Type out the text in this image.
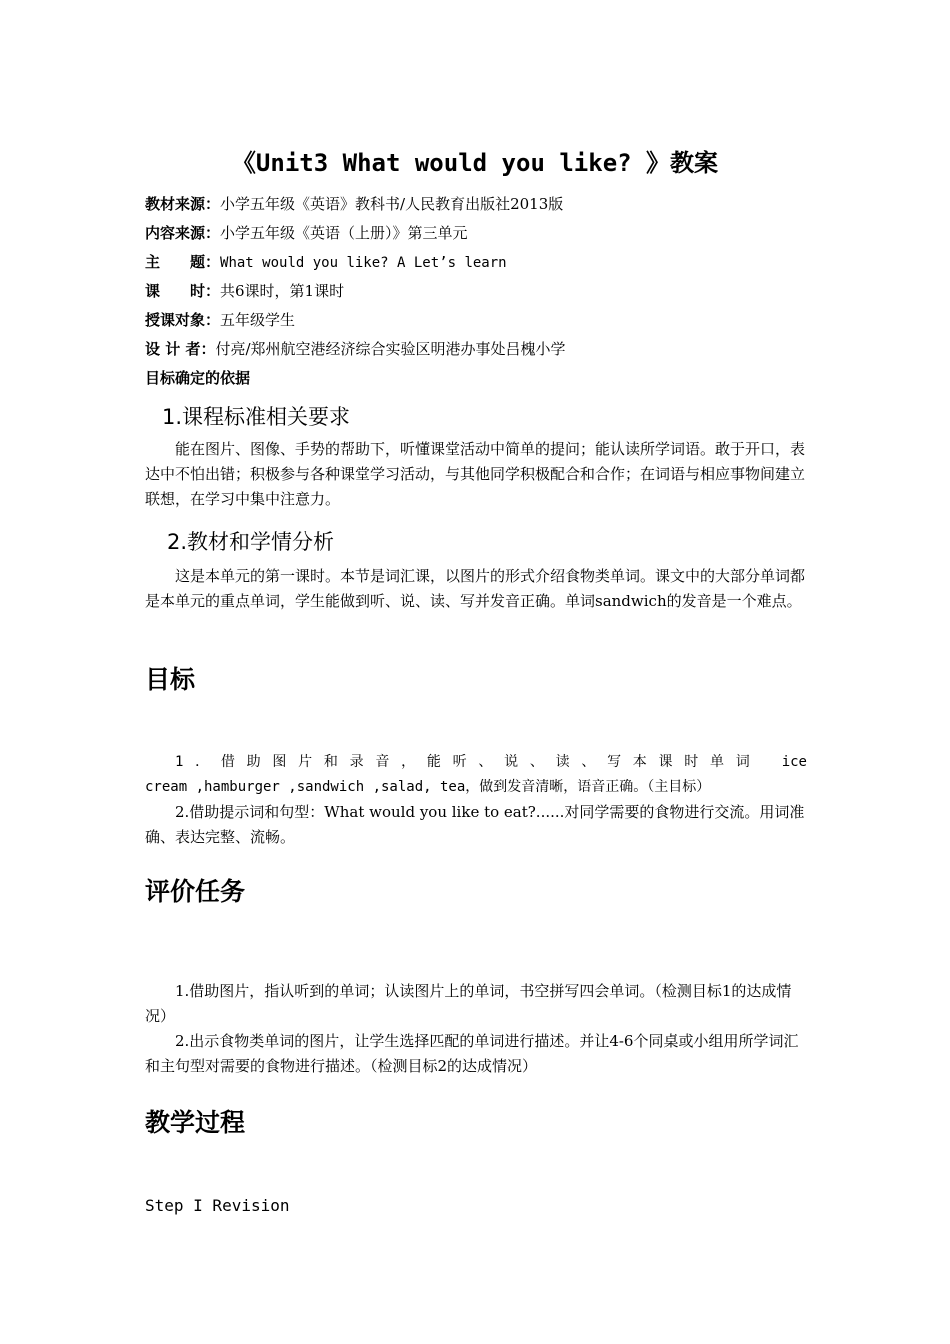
《Unit3 What would you like? 》教案
教材来源：小学五年级《英语》教科书/人民教育出版社2013版
内容来源：小学五年级《英语（上册）》第三单元
主　　题：What would you like? A Let’s learn
课　　时：共6课时，第1课时
授课对象：五年级学生
设 计 者：付亮/郑州航空港经济综合实验区明港办事处吕槐小学
目标确定的依据
1.课程标准相关要求

能在图片、图像、手势的帮助下，听懂课堂活动中简单的提问；能认读所学词语。敢于开口，表达中不怕出错；积极参与各种课堂学习活动，与其他同学积极配合和合作；在词语与相应事物间建立联想，在学习中集中注意力。

2.教材和学情分析

这是本单元的第一课时。本节是词汇课，以图片的形式介绍食物类单词。课文中的大部分单词都是本单元的重点单词，学生能做到听、说、读、写并发音正确。单词sandwich的发音是一个难点。

目标

1．借助图片和录音，能听、说、读、写本课时单词 ice

cream ,hamburger ,sandwich ,salad, tea，做到发音清晰，语音正确。（主目标）

2.借助提示词和句型：What would you like to eat?......对同学需要的食物进行交流。用词准确、表达完整、流畅。

评价任务

1.借助图片，指认听到的单词；认读图片上的单词，书空拼写四会单词。（检测目标1的达成情况）

2.出示食物类单词的图片，让学生选择匹配的单词进行描述。并让4-6个同桌或小组用所学词汇和主句型对需要的食物进行描述。（检测目标2的达成情况）

教学过程
Step I Revision
